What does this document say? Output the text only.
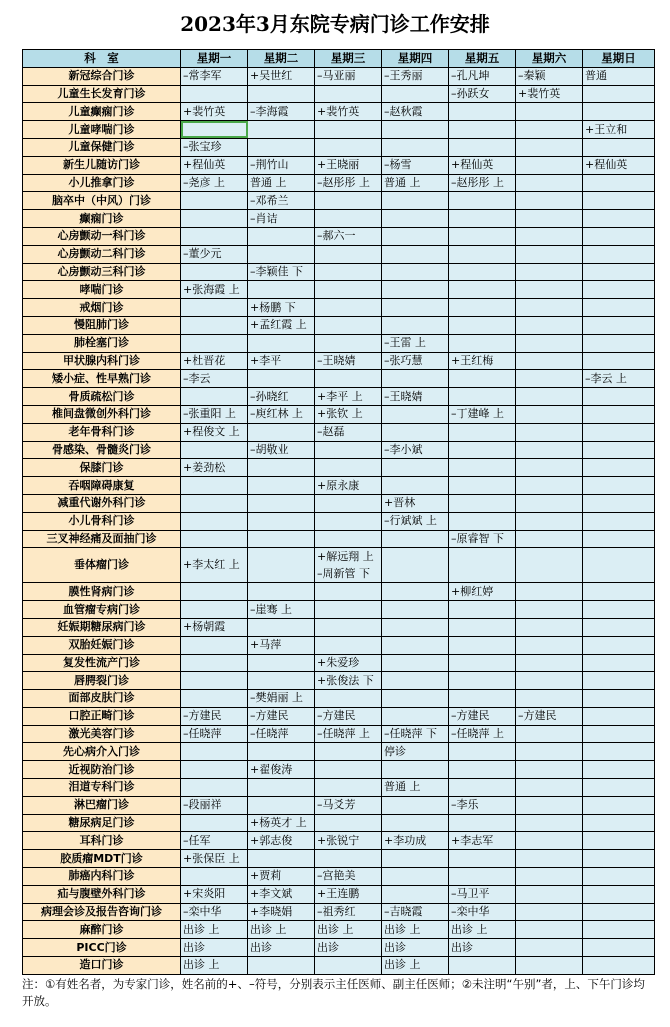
2023年3月东院专病门诊工作安排
科　室	星期一	星期二	星期三	星期四	星期五	星期六	星期日
新冠综合门诊	–常李军	+吴世红	–马亚丽	–王秀丽	–孔凡坤	–秦颖	普通
儿童生长发育门诊					–孙跃女	+裴竹英	
儿童癫痫门诊	+裴竹英	–李海霞	+裴竹英	–赵秋霞			
儿童哮喘门诊							+王立和
儿童保健门诊	–张宝珍						
新生儿随访门诊	+程仙英	–荆竹山	+王晓丽	–杨雪	+程仙英		+程仙英
小儿推拿门诊	–尧彦 上	普通 上	–赵彤彤 上	普通 上	–赵彤彤 上		
脑卒中（中风）门诊		–邓希兰					
癫痫门诊		–肖诘					
心房颤动一科门诊			–郝六一				
心房颤动二科门诊	–董少元						
心房颤动三科门诊		–李颖佳 下					
哮喘门诊	+张海霞 上						
戒烟门诊		+杨鹏 下					
慢阻肺门诊		+孟红霞 上					
肺栓塞门诊				–王雷 上			
甲状腺内科门诊	+杜晋花	+李平	–王晓婧	–张巧慧	+王红梅		
矮小症、性早熟门诊	–李云						–李云 上
骨质疏松门诊		–孙晓红	+李平 上	–王晓婧			
椎间盘微创外科门诊	–张重阳 上	–庾红林 上	+张钦 上		–丁建峰 上		
老年骨科门诊	+程俊文 上		–赵磊				
骨感染、骨髓炎门诊		–胡敬业		–李小斌			
保膝门诊	+姜劲松						
吞咽障碍康复			+原永康				
减重代谢外科门诊				+晋林			
小儿骨科门诊				–行斌斌 上			
三叉神经痛及面抽门诊					–原睿智 下		
垂体瘤门诊	+李太红 上		+解远翔 上
–周新管 下				

膜性肾病门诊					+柳红婷		
血管瘤专病门诊		–崖骞 上					
妊娠期糖尿病门诊	+杨朝霞						
双胎妊娠门诊		+马萍					
复发性流产门诊			+朱爱珍				
唇腭裂门诊			+张俊法 下				
面部皮肤门诊		–樊娟丽 上					
口腔正畸门诊	–方建民	–方建民	–方建民		–方建民	–方建民	
激光美容门诊	–任晓萍	–任晓萍	–任晓萍 上	–任晓萍 下	–任晓萍 上		
先心病介入门诊				停诊			
近视防治门诊		+翟俊涛					
泪道专科门诊				普通 上			
淋巴瘤门诊	–段丽祥		–马爻芳		–李乐		
糖尿病足门诊		+杨英才 上					
耳科门诊	–任军	+郭志俊	+张锐宁	+李功成	+李志军		
胶质瘤MDT门诊	+张保臣 上						
肺癌内科门诊		+贾莉	–宫艳美				
疝与腹壁外科门诊	+宋炎阳	+李文斌	+王连鹏		–马卫平		
病理会诊及报告咨询门诊	–栾中华	+李晓娟	–祖秀红	–吉晓霞	–栾中华		
麻醉门诊	出诊 上	出诊 上	出诊 上	出诊 上	出诊 上		
PICC门诊	出诊	出诊	出诊	出诊	出诊		
造口门诊	出诊 上			出诊 上			
注：①有姓名者，为专家门诊，姓名前的+、–符号，分别表示主任医师、副主任医师；②未注明“午别”者，上、下午门诊均开放。
